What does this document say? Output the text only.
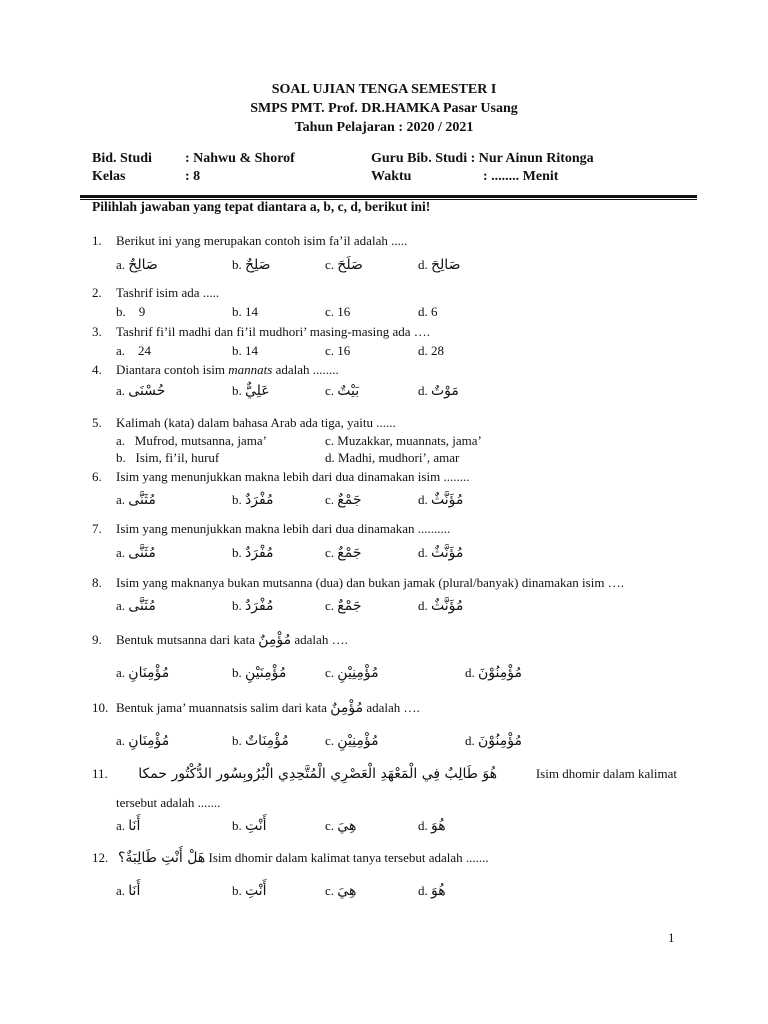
SOAL UJIAN TENGA SEMESTER I
SMPS PMT. Prof. DR.HAMKA Pasar Usang
Tahun Pelajaran : 2020 / 2021
Bid. Studi : Nahwu & Shorof	Guru Bib. Studi : Nur Ainun Ritonga
Kelas	: 8	Waktu	: ........ Menit
Pilihlah jawaban yang tepat diantara a, b, c, d, berikut ini!
1. Berikut ini yang merupakan contoh isim fa’il adalah .....
a. صَالِحٌ	b. صَلِحٌ	c. صَلَحَ	d. صَالِحَ
2. Tashrif isim ada .....
b. 9	b. 14	c. 16	d. 6
3. Tashrif fi’il madhi dan fi’il mudhori’ masing-masing ada ….
a. 24	b. 14	c. 16	d. 28
4. Diantara contoh isim mannats adalah ........
a. حُسْنَى	b. عَلِيٌّ	c. بَيْتٌ	d. مَوْتٌ
5. Kalimah (kata) dalam bahasa Arab ada tiga, yaitu ......
a. Mufrod, mutsanna, jama’	c. Muzakkar, muannats, jama’
b. Isim, fi’il, huruf	d. Madhi, mudhori’, amar
6. Isim yang menunjukkan makna lebih dari dua dinamakan isim ........
a. مُثَنَّى	b. مُفْرَدٌ	c. جَمْعٌ	d. مُؤَنَّثٌ
7. Isim yang menunjukkan makna lebih dari dua dinamakan ..........
a. مُثَنَّى	b. مُفْرَدٌ	c. جَمْعٌ	d. مُؤَنَّثٌ
8. Isim yang maknanya bukan mutsanna (dua) dan bukan jamak (plural/banyak) dinamakan isim ….
a. مُثَنَّى	b. مُفْرَدٌ	c. جَمْعٌ	d. مُؤَنَّثٌ
9. Bentuk mutsanna dari kata مُؤْمِنٌ adalah ….
a. مُؤْمِنَانِ	b. مُؤْمِنَيْنِ	c. مُؤْمِنِيْنِ	d. مُؤْمِنُوْنَ
10. Bentuk jama’ muannatsis salim dari kata مُؤْمِنٌ adalah ….
a. مُؤْمِنَانِ	b. مُؤْمِنَاتٌ	c. مُؤْمِنِيْنِ	d. مُؤْمِنُوْنَ
11. هُوَ طَالِبٌ فِي الْمَعْهَدِ الْعَصْرِي الْمُتَّحِدِي الْبُرُوبِسُور الدُّكْتُور حمكا	Isim dhomir dalam kalimat
tersebut adalah .......
a. أَنَا	b. أَنْتِ	c. هِيَ	d. هُوَ
12. هَلْ أَنْتِ طَالِبَةٌ؟ Isim dhomir dalam kalimat tanya tersebut adalah .......
a. أَنَا	b. أَنْتِ	c. هِيَ	d. هُوَ
1
